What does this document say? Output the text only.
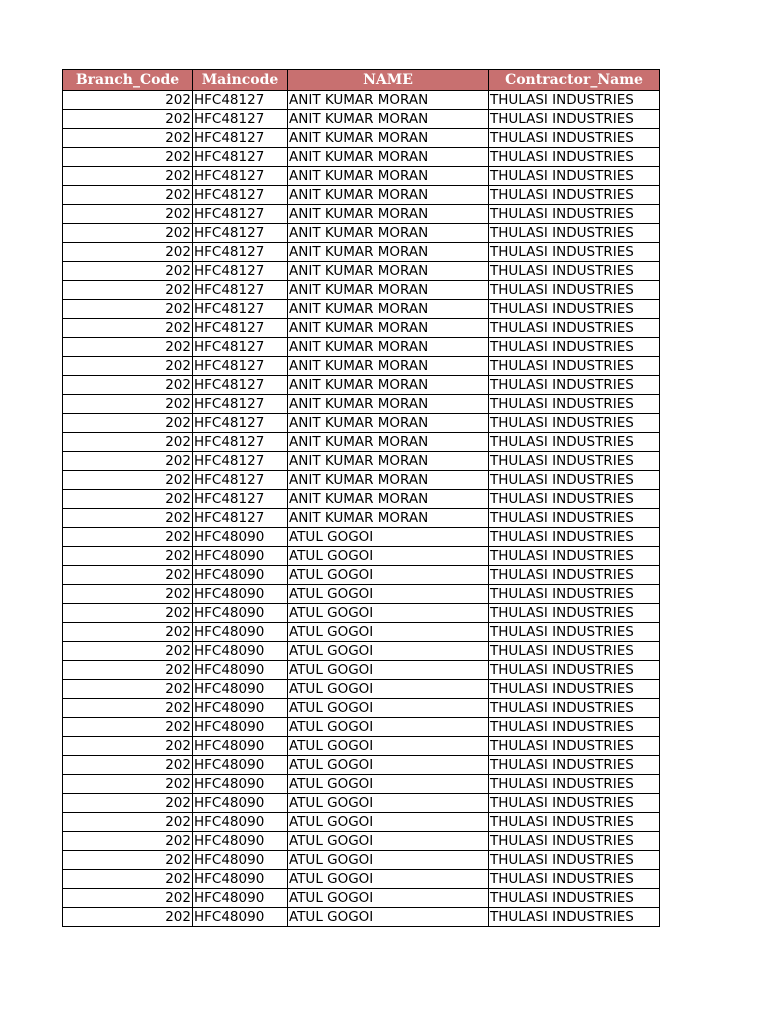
Branch_Code	Maincode	NAME	Contractor_Name
202	HFC48127	ANIT KUMAR MORAN	THULASI INDUSTRIES
202	HFC48127	ANIT KUMAR MORAN	THULASI INDUSTRIES
202	HFC48127	ANIT KUMAR MORAN	THULASI INDUSTRIES
202	HFC48127	ANIT KUMAR MORAN	THULASI INDUSTRIES
202	HFC48127	ANIT KUMAR MORAN	THULASI INDUSTRIES
202	HFC48127	ANIT KUMAR MORAN	THULASI INDUSTRIES
202	HFC48127	ANIT KUMAR MORAN	THULASI INDUSTRIES
202	HFC48127	ANIT KUMAR MORAN	THULASI INDUSTRIES
202	HFC48127	ANIT KUMAR MORAN	THULASI INDUSTRIES
202	HFC48127	ANIT KUMAR MORAN	THULASI INDUSTRIES
202	HFC48127	ANIT KUMAR MORAN	THULASI INDUSTRIES
202	HFC48127	ANIT KUMAR MORAN	THULASI INDUSTRIES
202	HFC48127	ANIT KUMAR MORAN	THULASI INDUSTRIES
202	HFC48127	ANIT KUMAR MORAN	THULASI INDUSTRIES
202	HFC48127	ANIT KUMAR MORAN	THULASI INDUSTRIES
202	HFC48127	ANIT KUMAR MORAN	THULASI INDUSTRIES
202	HFC48127	ANIT KUMAR MORAN	THULASI INDUSTRIES
202	HFC48127	ANIT KUMAR MORAN	THULASI INDUSTRIES
202	HFC48127	ANIT KUMAR MORAN	THULASI INDUSTRIES
202	HFC48127	ANIT KUMAR MORAN	THULASI INDUSTRIES
202	HFC48127	ANIT KUMAR MORAN	THULASI INDUSTRIES
202	HFC48127	ANIT KUMAR MORAN	THULASI INDUSTRIES
202	HFC48127	ANIT KUMAR MORAN	THULASI INDUSTRIES
202	HFC48090	ATUL GOGOI	THULASI INDUSTRIES
202	HFC48090	ATUL GOGOI	THULASI INDUSTRIES
202	HFC48090	ATUL GOGOI	THULASI INDUSTRIES
202	HFC48090	ATUL GOGOI	THULASI INDUSTRIES
202	HFC48090	ATUL GOGOI	THULASI INDUSTRIES
202	HFC48090	ATUL GOGOI	THULASI INDUSTRIES
202	HFC48090	ATUL GOGOI	THULASI INDUSTRIES
202	HFC48090	ATUL GOGOI	THULASI INDUSTRIES
202	HFC48090	ATUL GOGOI	THULASI INDUSTRIES
202	HFC48090	ATUL GOGOI	THULASI INDUSTRIES
202	HFC48090	ATUL GOGOI	THULASI INDUSTRIES
202	HFC48090	ATUL GOGOI	THULASI INDUSTRIES
202	HFC48090	ATUL GOGOI	THULASI INDUSTRIES
202	HFC48090	ATUL GOGOI	THULASI INDUSTRIES
202	HFC48090	ATUL GOGOI	THULASI INDUSTRIES
202	HFC48090	ATUL GOGOI	THULASI INDUSTRIES
202	HFC48090	ATUL GOGOI	THULASI INDUSTRIES
202	HFC48090	ATUL GOGOI	THULASI INDUSTRIES
202	HFC48090	ATUL GOGOI	THULASI INDUSTRIES
202	HFC48090	ATUL GOGOI	THULASI INDUSTRIES
202	HFC48090	ATUL GOGOI	THULASI INDUSTRIES
